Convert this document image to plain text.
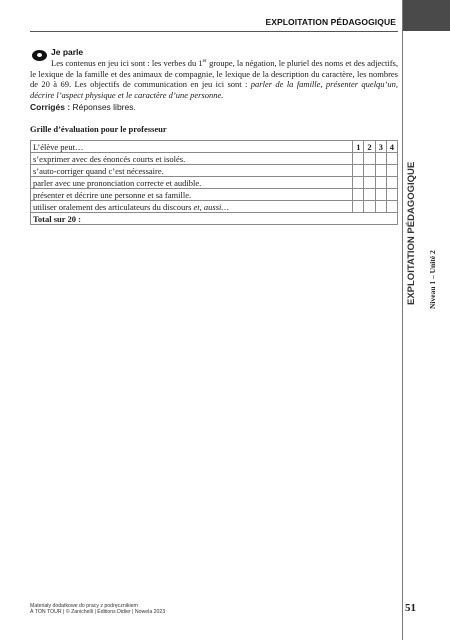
EXPLOITATION PÉDAGOGIQUE Niveau 1 – Unité 2
EXPLOITATION PÉDAGOGIQUE
Je parle
Les contenus en jeu ici sont : les verbes du 1er groupe, la négation, le pluriel des noms et des adjectifs, le lexique de la famille et des animaux de compagnie, le lexique de la description du caractère, les nombres de 20 à 69. Les objectifs de communication en jeu ici sont : parler de la famille, présenter quelqu’un, décrire l’aspect physique et le caractère d’une personne.
Corrigés : Réponses libres.
Grille d’évaluation pour le professeur
L’élève peut…	1	2	3	4
s’exprimer avec des énoncés courts et isolés.				
s’auto-corriger quand c’est nécessaire.				
parler avec une prononciation correcte et audible.				
présenter et décrire une personne et sa famille.				
utiliser oralement des articulateurs du discours et, aussi…				
Total sur 20 :				
Materiały dodatkowe do pracy z podręcznikiem
À TON TOUR | © Zanichelli | Éditions Didier | Nowela 2023	51
